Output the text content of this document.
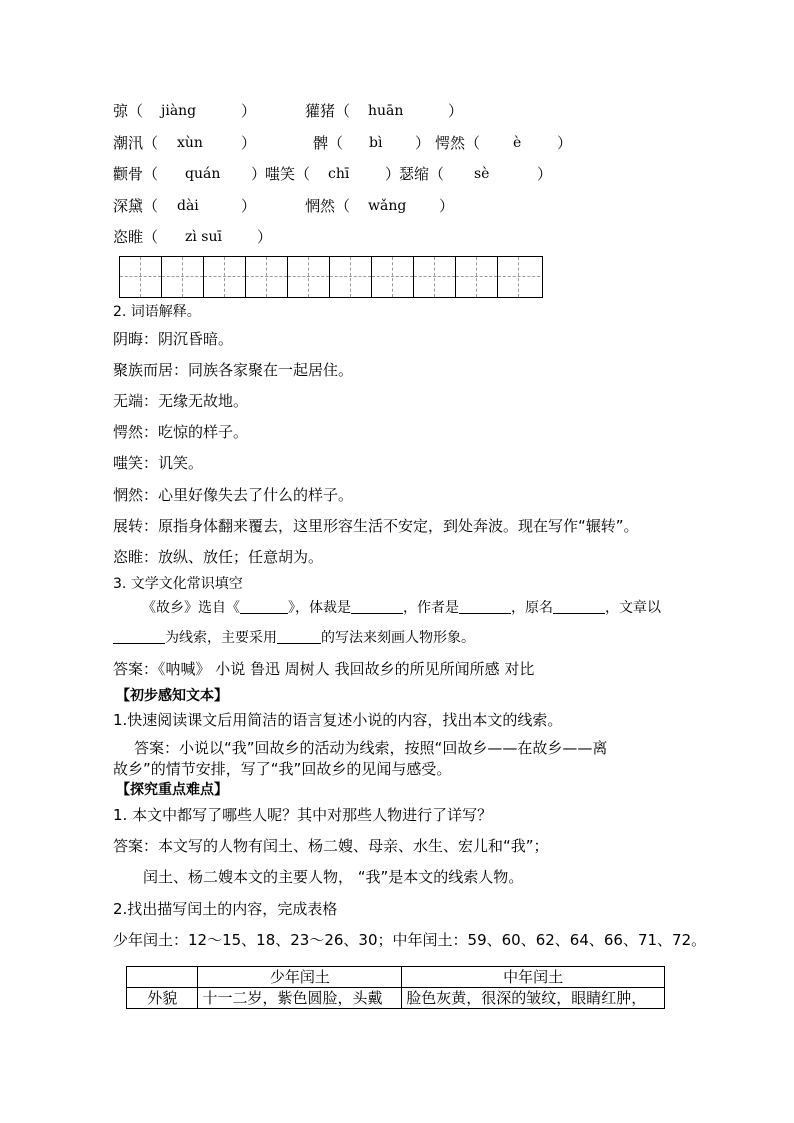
弶（ jiàng	）	獾猪（ huān	）
潮汛（ xùn	）	髀（ bì ） 愕然（ è ）
颧骨（ quán ）
嗤笑（ chī ）
瑟缩（ sè	）
深黛（ dài	）	惘然（ wǎng ）
恣睢（ zì suī ）
2. 词语解释。
阴晦：阴沉昏暗。
聚族而居：同族各家聚在一起居住。
无端：无缘无故地。
愕然：吃惊的样子。
嗤笑：讥笑。
惘然：心里好像失去了什么的样子。
展转：原指身体翻来覆去，这里形容生活不安定，到处奔波。现在写作“辗转”。
恣睢：放纵、放任；任意胡为。
3. 文学文化常识填空
《故乡》选自《	》，体裁是	，作者是	，原名	，文章以
为线索，主要采用	的写法来刻画人物形象。
答案：《呐喊》 小说 鲁迅 周树人 我回故乡的所见所闻所感 对比
【初步感知文本】
1.快速阅读课文后用简洁的语言复述小说的内容，找出本文的线索。
答案：小说以“我”回故乡的活动为线索，按照“回故乡——在故乡——离
故乡”的情节安排，写了“我”回故乡的见闻与感受。
【探究重点难点】
1. 本文中都写了哪些人呢？其中对那些人物进行了详写？
答案：本文写的人物有闰土、杨二嫂、母亲、水生、宏儿和“我”；
闰土、杨二嫂本文的主要人物， “我”是本文的线索人物。
2.找出描写闰土的内容，完成表格
少年闰土：12～15、18、23～26、30；中年闰土：59、60、62、64、66、71、72。
	少年闰土	中年闰土
外貌	十一二岁，紫色圆脸，头戴	脸色灰黄，很深的皱纹，眼睛红肿，
